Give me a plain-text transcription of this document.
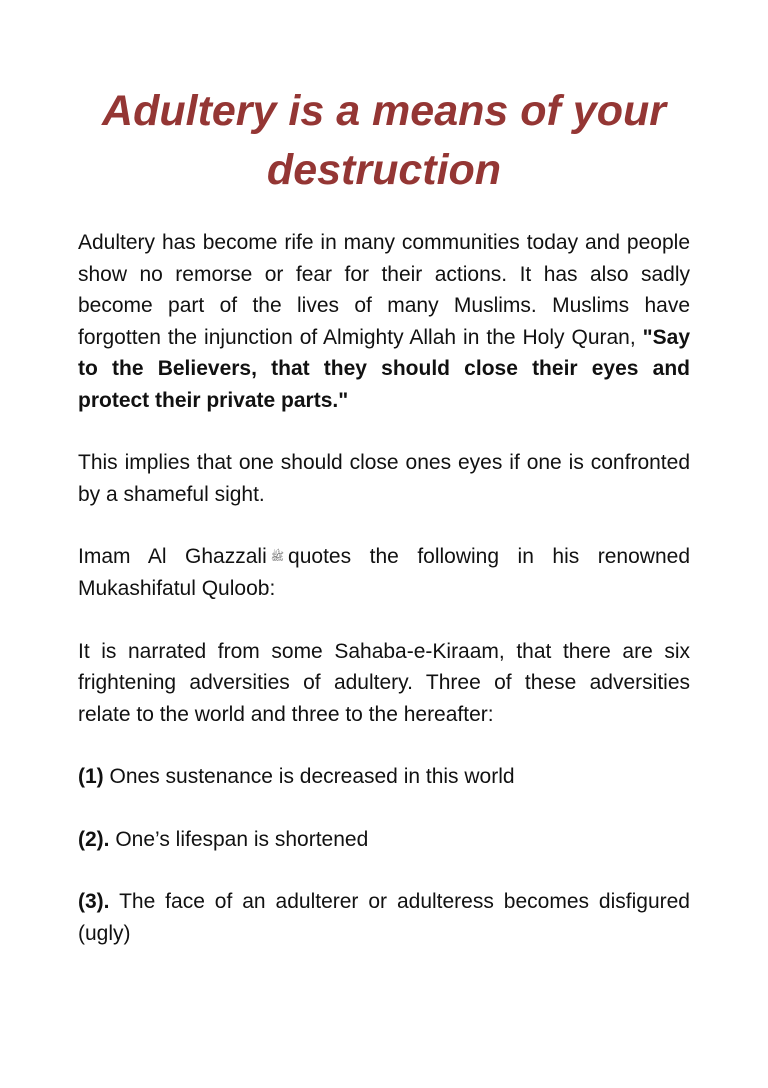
Adultery is a means of your
destruction

Adultery has become rife in many communities today and people show no remorse or fear for their actions. It has also sadly become part of the lives of many Muslims. Muslims have forgotten the injunction of Almighty Allah in the Holy Quran, "Say to the Believers, that they should close their eyes and protect their private parts."

This implies that one should close ones eyes if one is confronted by a shameful sight.

Imam Al Ghazzali ﷺ quotes the following in his renowned Mukashifatul Quloob:

It is narrated from some Sahaba-e-Kiraam, that there are six frightening adversities of adultery. Three of these adversities relate to the world and three to the hereafter:

(1) Ones sustenance is decreased in this world

(2). One’s lifespan is shortened

(3). The face of an adulterer or adulteress becomes disfigured (ugly)
